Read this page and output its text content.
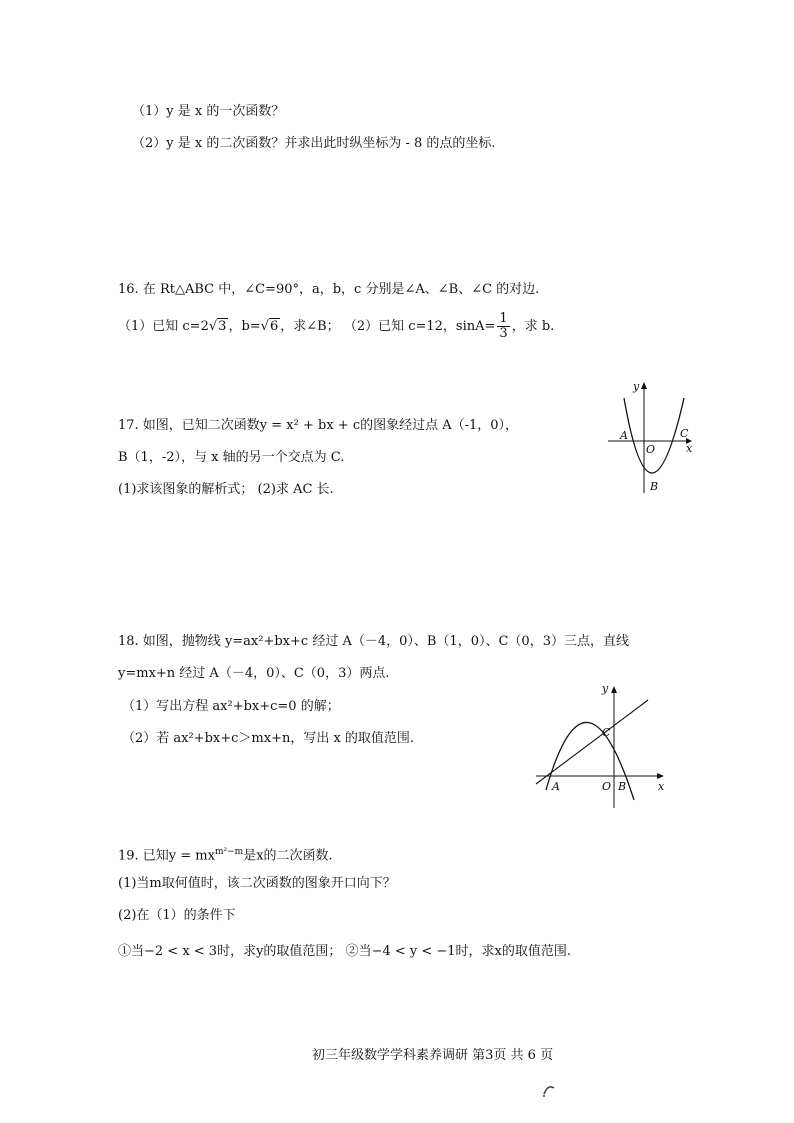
（1）y 是 x 的一次函数？
（2）y 是 x 的二次函数？并求出此时纵坐标为 - 8 的点的坐标.
16. 在 Rt△ABC 中，∠C=90°，a，b，c 分别是∠A、∠B、∠C 的对边.
（1）已知 c=2√3 ，b=√6 ，求∠B； （2）已知 c=12，$\sin A= \frac{1}{3}$ ，求 b.
17. 如图，已知二次函数y = x² + bx + c的图象经过点 A（-1，0），
B（1，-2），与 x 轴的另一个交点为 C.
(1)求该图象的解析式； (2)求 AC 长.
y
x
A
O
C
B
18. 如图，抛物线 y=ax²+bx+c 经过 A（－4，0）、B（1，0）、C（0，3）三点，直线
y=mx+n 经过 A（－4，0）、C（0，3）两点.
（1）写出方程 ax²+bx+c=0 的解；
（2）若 ax²+bx+c＞mx+n，写出 x 的取值范围.
y
x
A	O B
C
19. 已知$y = mx^{m^2-m}$是x的二次函数.
(1)当m取何值时，该二次函数的图象开口向下？
(2)在（1）的条件下
①当−2 < x < 3时，求y的取值范围； ②当−4 < y < −1时，求x的取值范围.
初三年级数学学科素养调研 第3页 共 6 页
